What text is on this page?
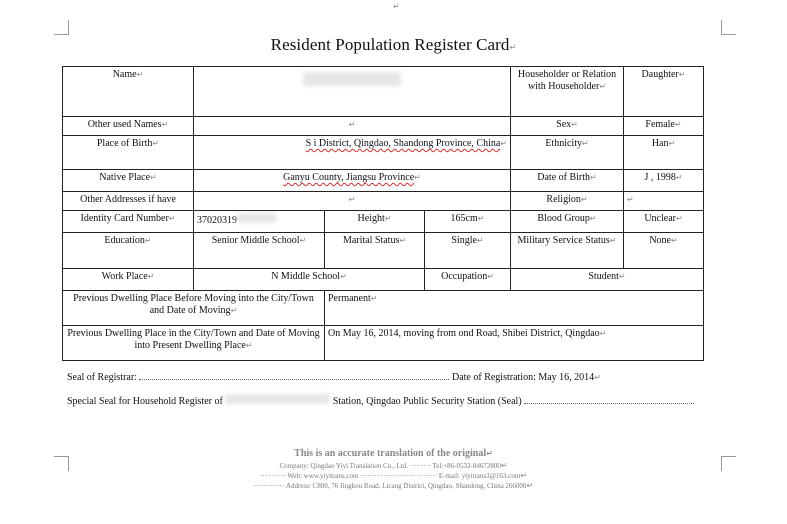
↵
Resident Population Register Card↵
Name↵				Householder or Relation with Householder↵	Daughter↵
Other used Names↵	↵			Sex↵	Female↵
Place of Birth↵	S i District, Qingdao, Shandong Province, China↵			Ethnicity↵	Han↵
Native Place↵	Ganyu County, Jiangsu Province↵			Date of Birth↵	J , 1998↵
Other Addresses if have	↵			Religion↵	↵
Identity Card Number↵	37020319	Height↵	165cm↵	Blood Group↵	Unclear↵
Education↵	Senior Middle School↵	Marital Status↵	Single↵	Military Service Status↵	None↵
Work Place↵	N Middle School↵		Occupation↵	Student↵	
Previous Dwelling Place Before Moving into the City/Town and Date of Moving↵		Permanent↵			
Previous Dwelling Place in the City/Town and Date of Moving into Present Dwelling Place↵		On May 16, 2014, moving from ond Road, Shibei District, Qingdao↵			
Seal of Registrar:	Date of Registration: May 16, 2014↵
Special Seal for Household Register of	Station, Qingdao Public Security Station (Seal)
This is an accurate translation of the original↵
Company: Qingdao Yiyi Translation Co., Ltd. ········· Tel:+86-0532-84672800↵
··········· Web: www.yiyitrans.com ································· E-mail: yiyitrans3@163.com↵
············· Address: C800, 76 Jingkou Road, Licang District, Qingdao, Shandong, China 266000↵
